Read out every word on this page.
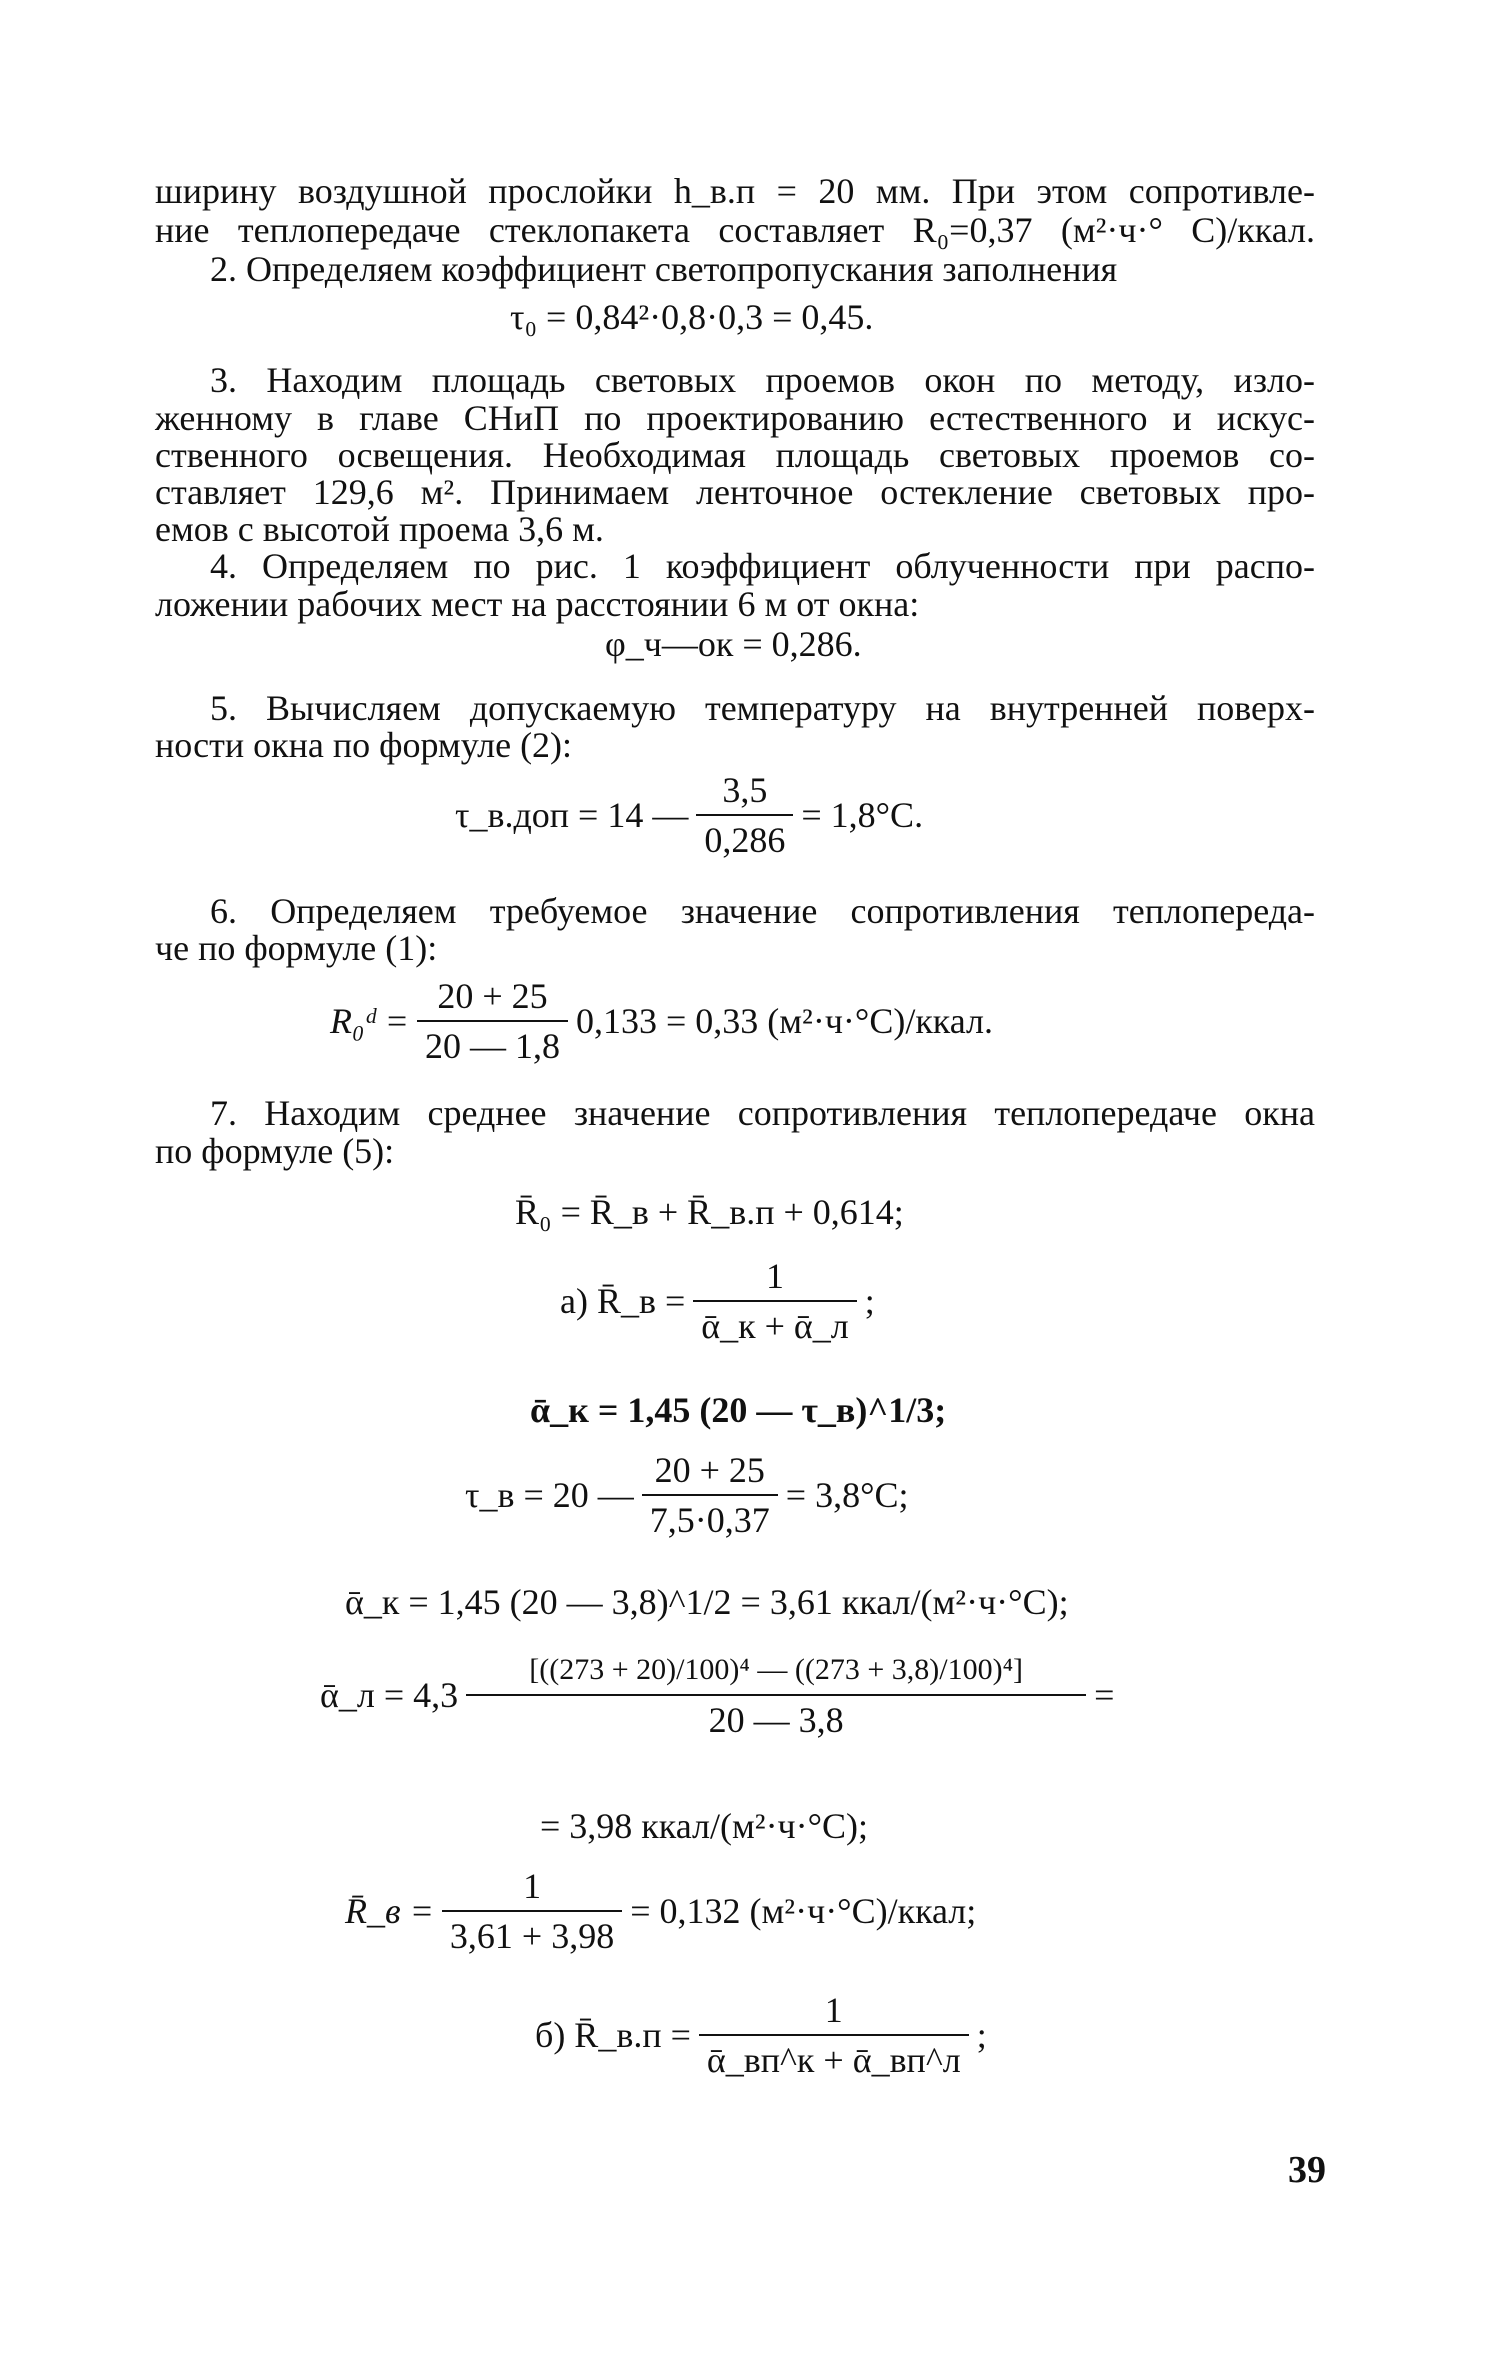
ширину воздушной прослойки h_в.п = 20 мм. При этом сопротивле-
ние теплопередаче стеклопакета составляет R₀=0,37 (м²·ч·° С)/ккал.
2. Определяем коэффициент светопропускания заполнения
τ₀ = 0,84²·0,8·0,3 = 0,45.
3. Находим площадь световых проемов окон по методу, изло-
женному в главе СНиП по проектированию естественного и искус-
ственного освещения. Необходимая площадь световых проемов со-
ставляет 129,6 м². Принимаем ленточное остекление световых про-
емов с высотой проема 3,6 м.
4. Определяем по рис. 1 коэффициент облученности при распо-
ложении рабочих мест на расстоянии 6 м от окна:
φ_ч—ок = 0,286.
5. Вычисляем допускаемую температуру на внутренней поверх-
ности окна по формуле (2):
τ_в.доп = 14 — $\frac{3,5}{0,286} = 1,8^\circ С$.
6. Определяем требуемое значение сопротивления теплопереда-
че по формуле (1):
R₀ᵈ = $\frac{20 + 25}{20 — 1,8} 0,133 = 0,33$ (м²·ч·°С)/ккал.
7. Находим среднее значение сопротивления теплопередаче окна
по формуле (5):
R̄₀ = R̄_в + R̄_в.п + 0,614;
а) R̄_в = $\frac{1}{\text{ᾱ\_к + ᾱ\_л}}$ ;
ᾱ_к = 1,45 (20 — τ_в)^1/3;
τ_в = 20 — $\frac{20 + 25}{7,5\cdot 0,37} = 3,8^\circ С$;
ᾱ_к = 1,45 (20 — 3,8)^1/2 = 3,61 ккал/(м²·ч·°С);
ᾱ_л = $4,3 \frac{\text{[((273 + 20)/100)⁴ — ((273 + 3,8)/100)⁴]}}{20 — 3,8}$ =
= 3,98 ккал/(м²·ч·°С);
R̄_в = $\frac{1}{3,61 + 3,98} = 0,132$ (м²·ч·°С)/ккал;
б) R̄_в.п = $\frac{1}{\text{ᾱ\_вп\textasciicircum{}к + ᾱ\_вп\textasciicircum{}л}}$ ;
39
